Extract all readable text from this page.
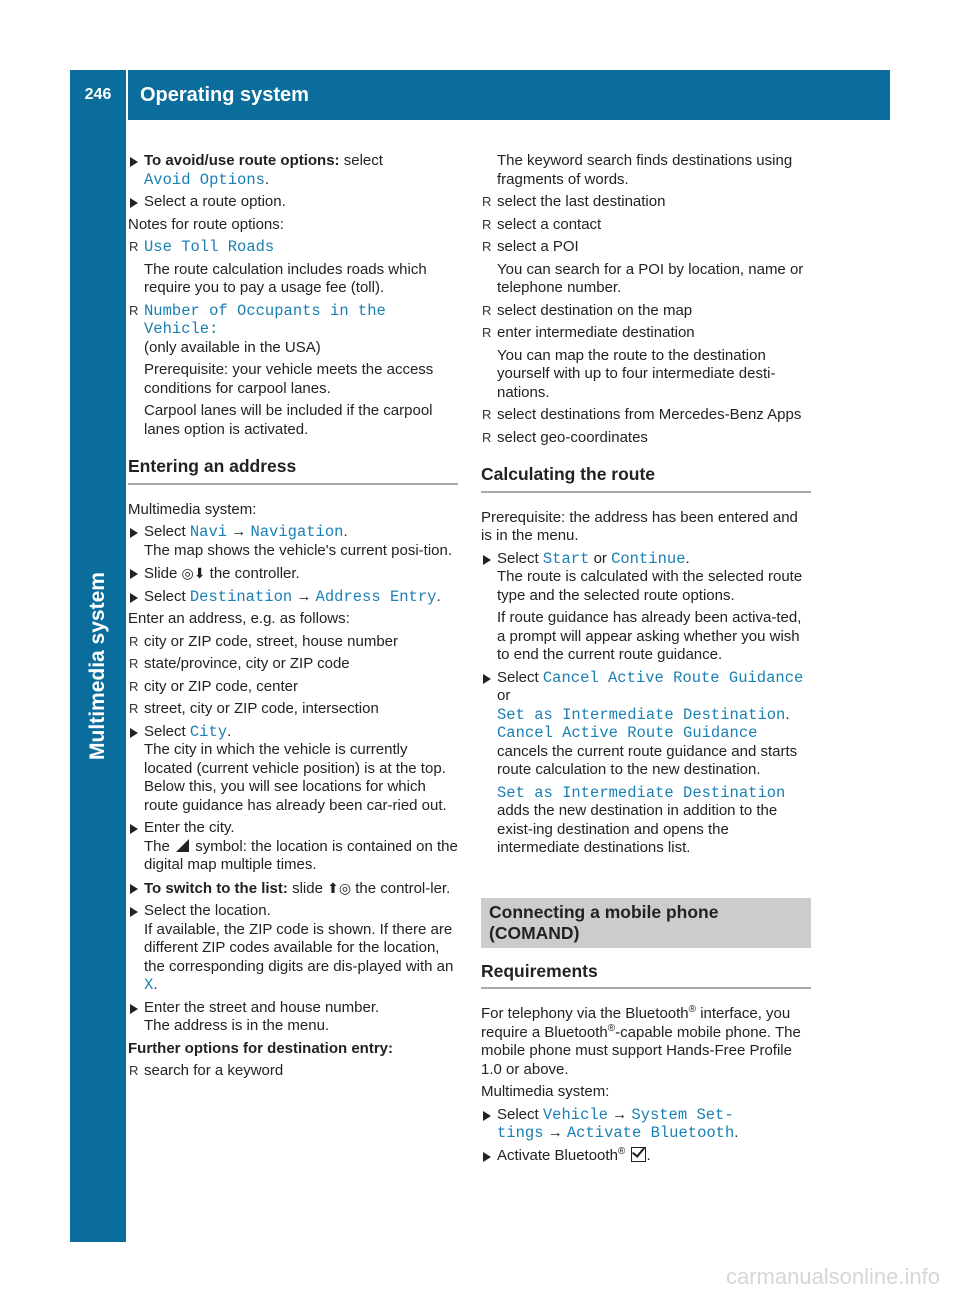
246	Operating system
Multimedia system
To avoid/use route options: select
Avoid Options.
Select a route option.

Notes for route options:

R Use Toll Roads
The route calculation includes roads which require you to pay a usage fee (toll).
R Number of Occupants in the Vehicle:
(only available in the USA)
Prerequisite: your vehicle meets the access conditions for carpool lanes.
Carpool lanes will be included if the carpool lanes option is activated.
Entering an address

Multimedia system:

Select Navi → Navigation.
The map shows the vehicle's current posi-tion.
Slide ◎⬇ the controller.
Select Destination → Address Entry.

Enter an address, e.g. as follows:

R city or ZIP code, street, house number
R state/province, city or ZIP code
R city or ZIP code, center
R street, city or ZIP code, intersection
Select City.
The city in which the vehicle is currently located (current vehicle position) is at the top. Below this, you will see locations for which route guidance has already been car-ried out.
Enter the city.
The symbol: the location is contained on the digital map multiple times.
To switch to the list: slide ⬆◎ the control-ler.
Select the location.
If available, the ZIP code is shown. If there are different ZIP codes available for the location, the corresponding digits are dis-played with an X.
Enter the street and house number.
The address is in the menu.

Further options for destination entry:

R search for a keyword
The keyword search finds destinations using fragments of words.
R select the last destination
R select a contact
R select a POI
You can search for a POI by location, name or telephone number.
R select destination on the map
R enter intermediate destination
You can map the route to the destination yourself with up to four intermediate desti-nations.
R select destinations from Mercedes-Benz Apps
R select geo-coordinates
Calculating the route

Prerequisite: the address has been entered and is in the menu.

Select Start or Continue.
The route is calculated with the selected route type and the selected route options.
If route guidance has already been activa-ted, a prompt will appear asking whether you wish to end the current route guidance.
Select Cancel Active Route Guidance or
Set as Intermediate Destination.
Cancel Active Route Guidance cancels the current route guidance and starts route calculation to the new destination.
Set as Intermediate Destination adds the new destination in addition to the exist-ing destination and opens the intermediate destinations list.
Connecting a mobile phone
(COMAND)
Requirements

For telephony via the Bluetooth® interface, you require a Bluetooth®-capable mobile phone. The mobile phone must support Hands-Free Profile 1.0 or above.

Multimedia system:

Select Vehicle → System Set-
tings → Activate Bluetooth.
Activate Bluetooth® .
carmanualsonline.info
